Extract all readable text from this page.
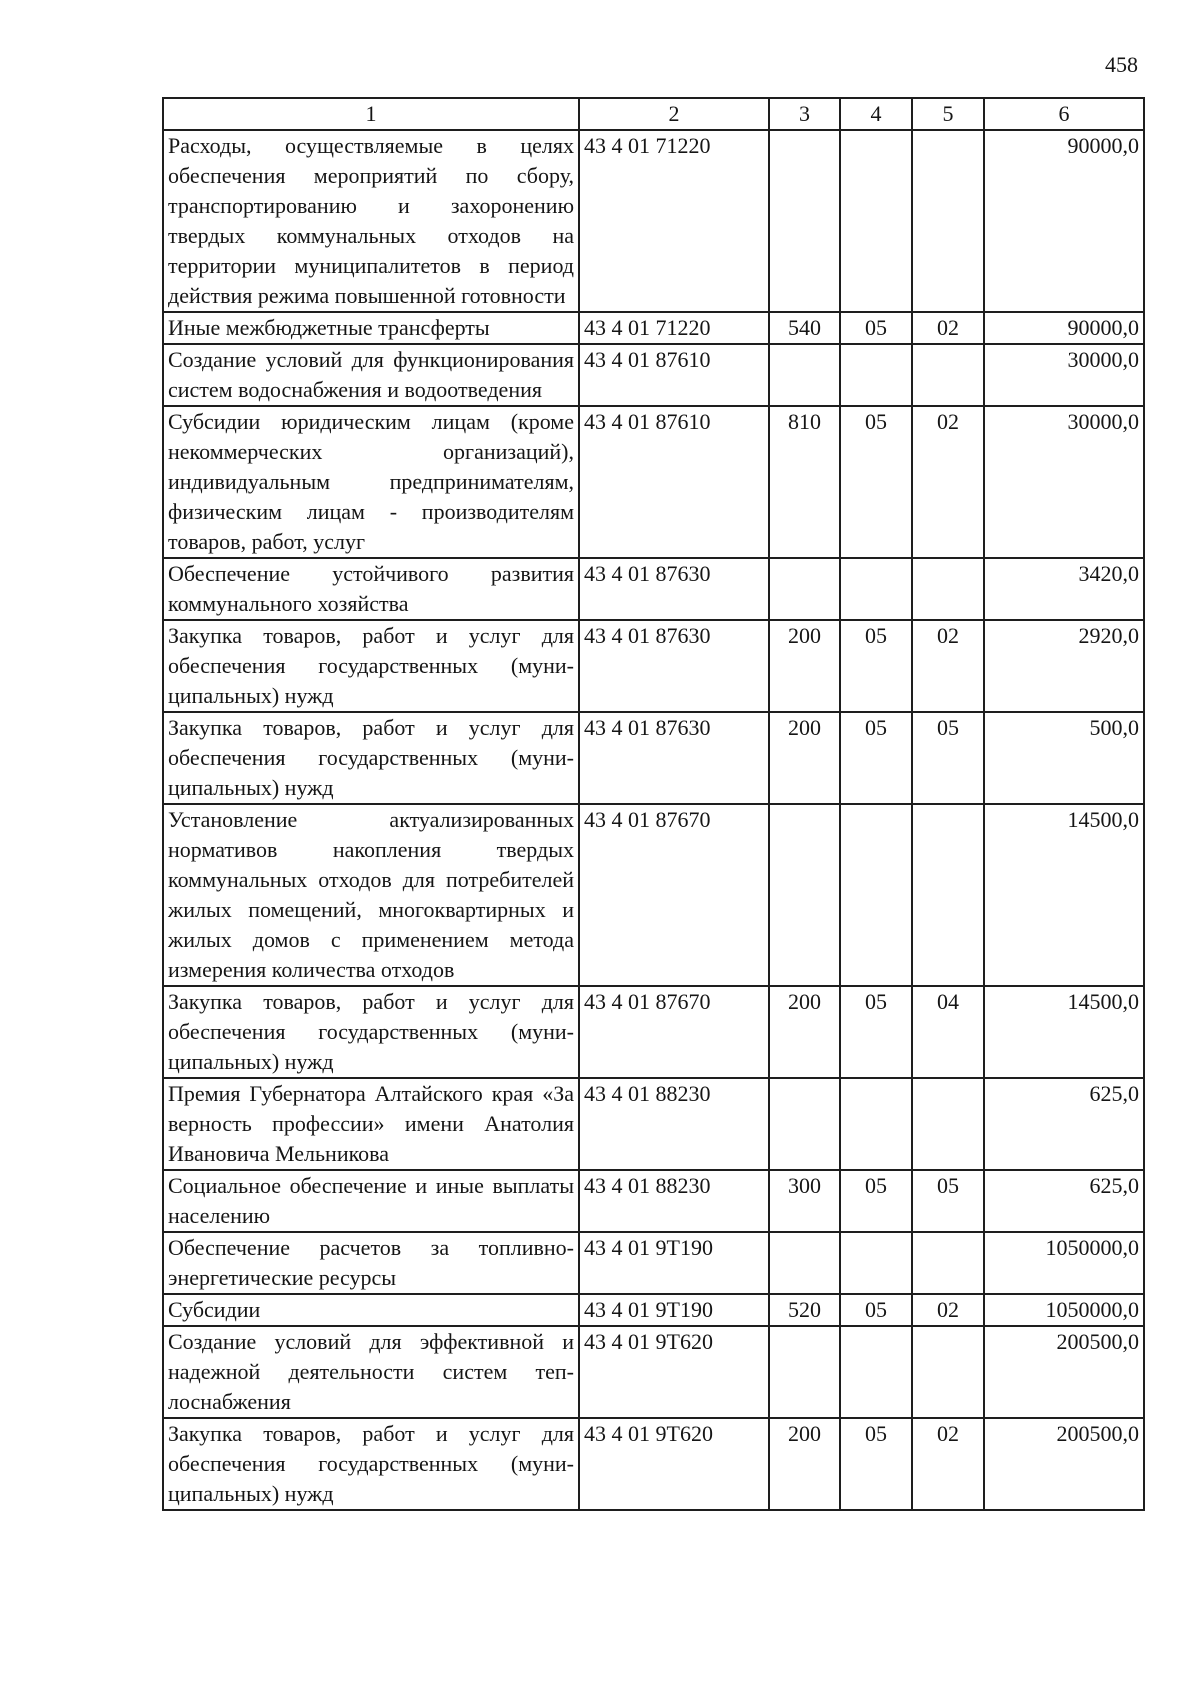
458
1	2	3	4	5	6
Расходы, осуществляемые в целях обеспечения мероприятий по сбору, транспортированию и захоронению твердых коммунальных отходов на территории муниципалитетов в период действия режима повышенной готовности	43 4 01 71220				90000,0
Иные межбюджетные трансферты	43 4 01 71220	540	05	02	90000,0
Создание условий для функционирования систем водоснабжения и водоотведения	43 4 01 87610				30000,0
Субсидии юридическим лицам (кроме некоммерческих организаций), индивидуальным предпринимателям, физическим лицам - производителям товаров, работ, услуг	43 4 01 87610	810	05	02	30000,0
Обеспечение устойчивого развития коммунального хозяйства	43 4 01 87630				3420,0
Закупка товаров, работ и услуг для обеспечения государственных (муниципальных) нужд	43 4 01 87630	200	05	02	2920,0
Закупка товаров, работ и услуг для обеспечения государственных (муниципальных) нужд	43 4 01 87630	200	05	05	500,0
Установление актуализированных нормативов накопления твердых коммунальных отходов для потребителей жилых помещений, многоквартирных и жилых домов с применением метода измерения количества отходов	43 4 01 87670				14500,0
Закупка товаров, работ и услуг для обеспечения государственных (муниципальных) нужд	43 4 01 87670	200	05	04	14500,0
Премия Губернатора Алтайского края «За верность профессии» имени Анатолия Ивановича Мельникова	43 4 01 88230				625,0
Социальное обеспечение и иные выплаты населению	43 4 01 88230	300	05	05	625,0
Обеспечение расчетов за топливно-энергетические ресурсы	43 4 01 9T190				1050000,0
Субсидии	43 4 01 9T190	520	05	02	1050000,0
Создание условий для эффективной и надежной деятельности систем теплоснабжения	43 4 01 9T620				200500,0
Закупка товаров, работ и услуг для обеспечения государственных (муниципальных) нужд	43 4 01 9T620	200	05	02	200500,0
